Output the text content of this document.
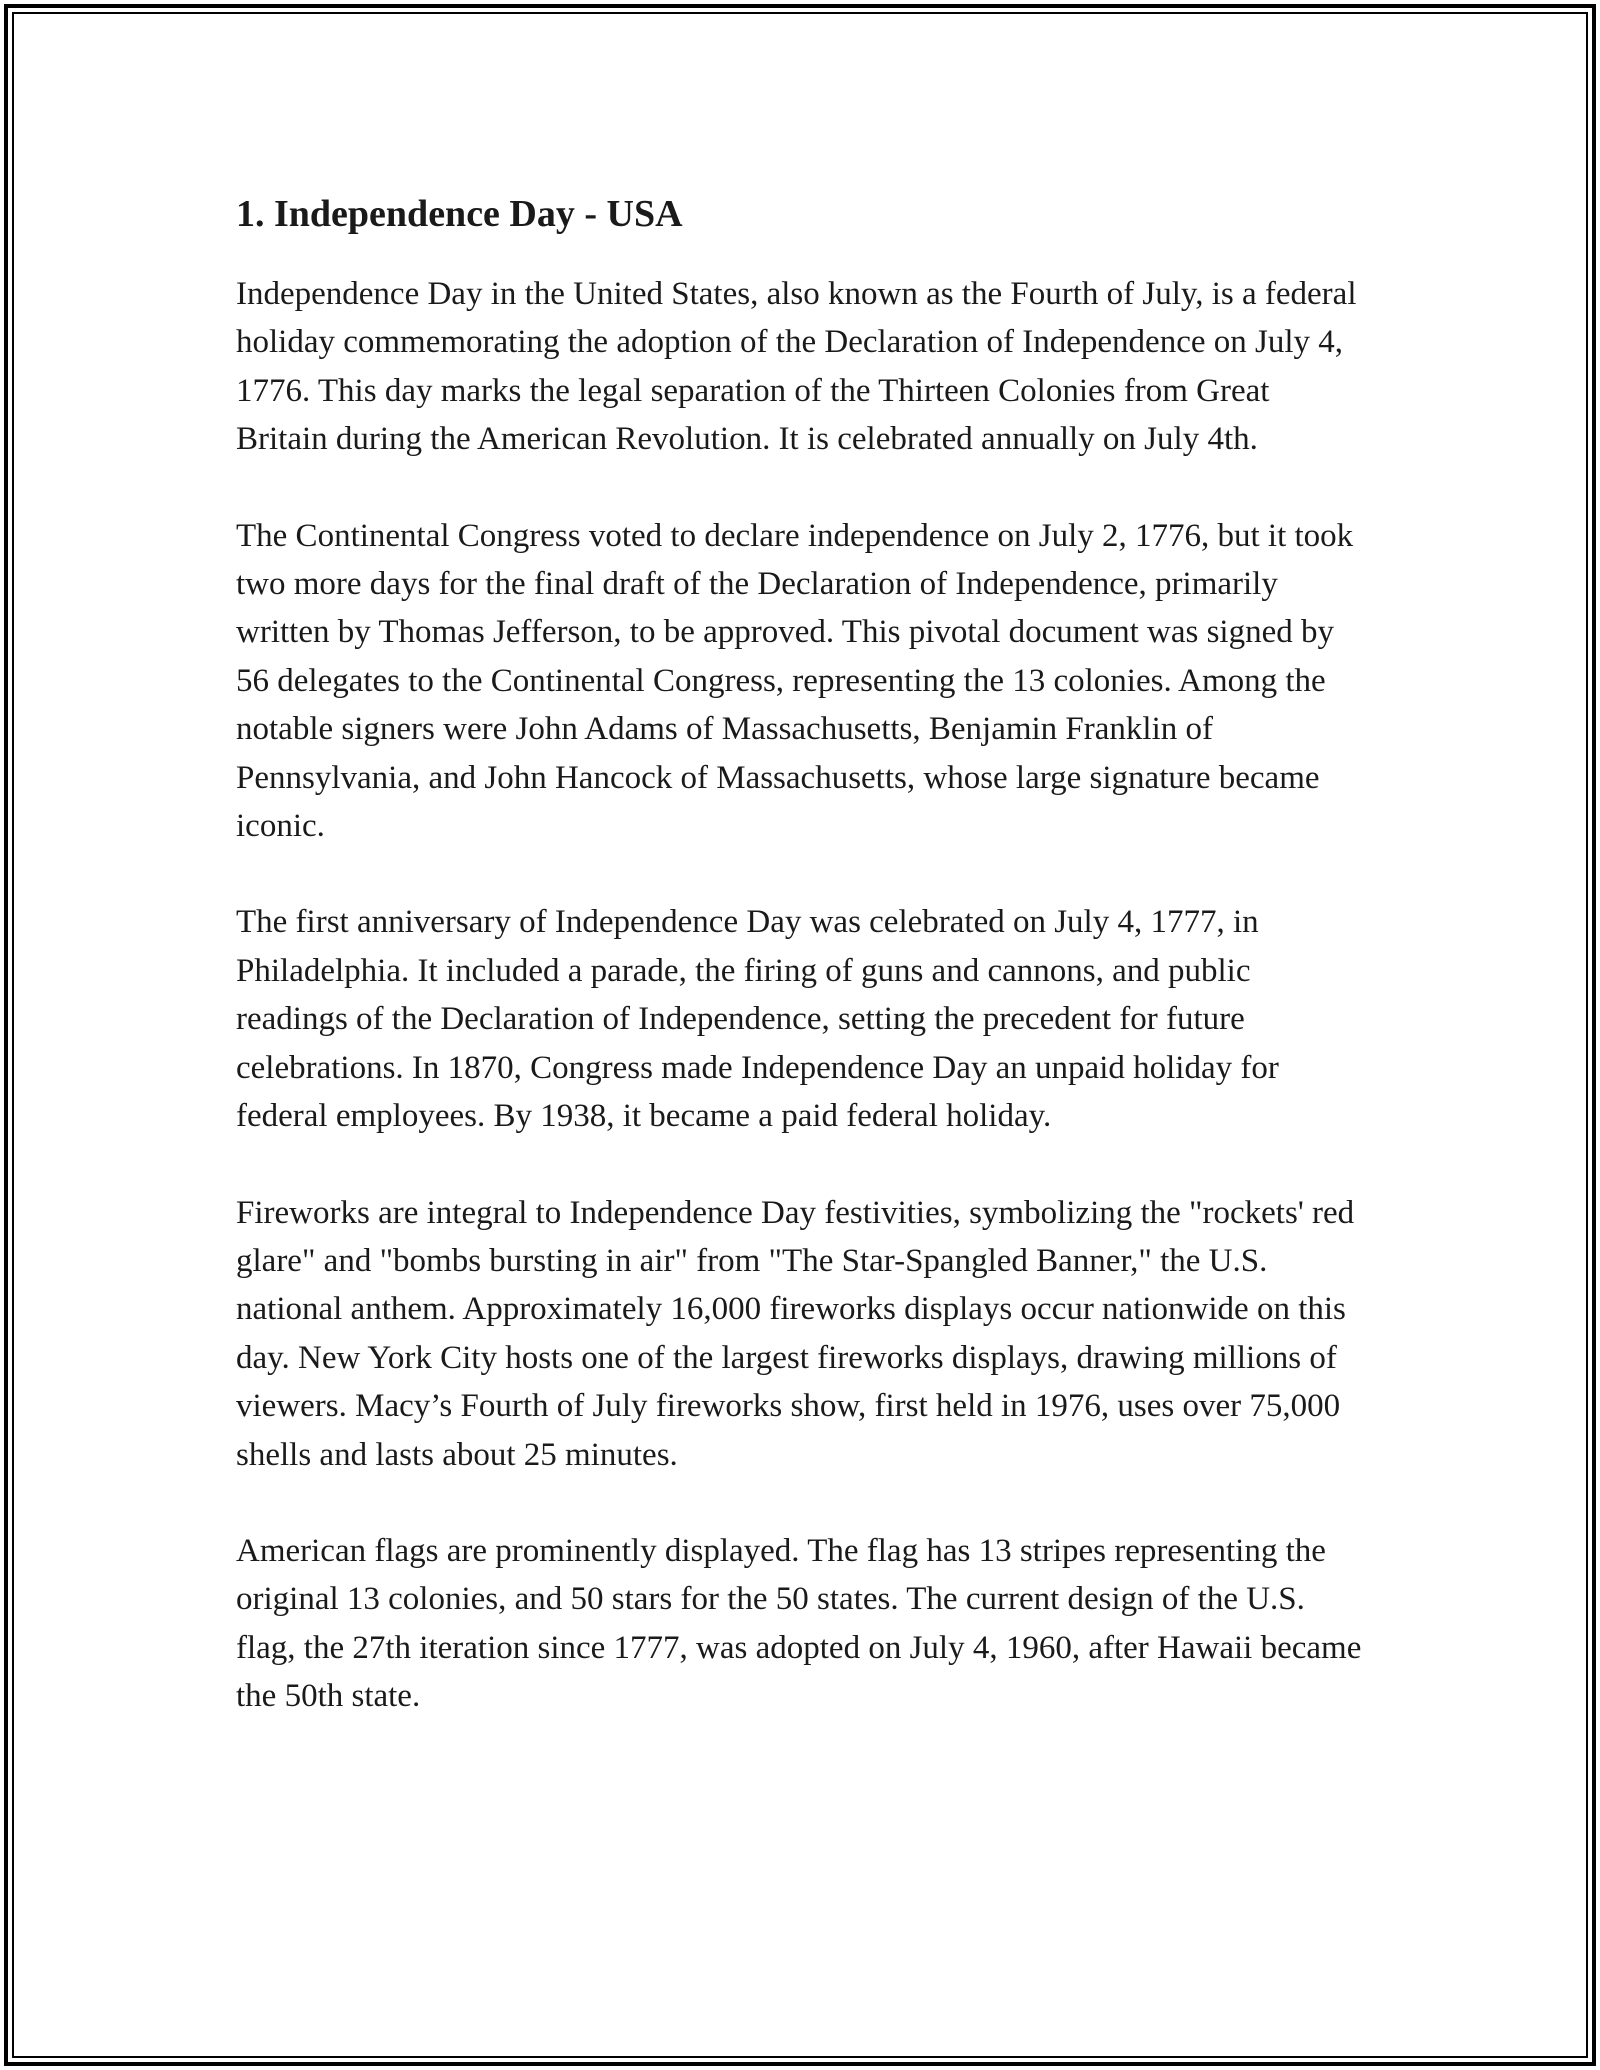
1. Independence Day - USA

Independence Day in the United States, also known as the Fourth of July, is a federal holiday commemorating the adoption of the Declaration of Independence on July 4, 1776. This day marks the legal separation of the Thirteen Colonies from Great Britain during the American Revolution. It is celebrated annually on July 4th.

The Continental Congress voted to declare independence on July 2, 1776, but it took two more days for the final draft of the Declaration of Independence, primarily written by Thomas Jefferson, to be approved. This pivotal document was signed by 56 delegates to the Continental Congress, representing the 13 colonies. Among the notable signers were John Adams of Massachusetts, Benjamin Franklin of Pennsylvania, and John Hancock of Massachusetts, whose large signature became iconic.

The first anniversary of Independence Day was celebrated on July 4, 1777, in Philadelphia. It included a parade, the firing of guns and cannons, and public readings of the Declaration of Independence, setting the precedent for future celebrations. In 1870, Congress made Independence Day an unpaid holiday for federal employees. By 1938, it became a paid federal holiday.

Fireworks are integral to Independence Day festivities, symbolizing the "rockets' red glare" and "bombs bursting in air" from "The Star-Spangled Banner," the U.S. national anthem. Approximately 16,000 fireworks displays occur nationwide on this day. New York City hosts one of the largest fireworks displays, drawing millions of viewers. Macy’s Fourth of July fireworks show, first held in 1976, uses over 75,000 shells and lasts about 25 minutes.

American flags are prominently displayed. The flag has 13 stripes representing the original 13 colonies, and 50 stars for the 50 states. The current design of the U.S. flag, the 27th iteration since 1777, was adopted on July 4, 1960, after Hawaii became the 50th state.
